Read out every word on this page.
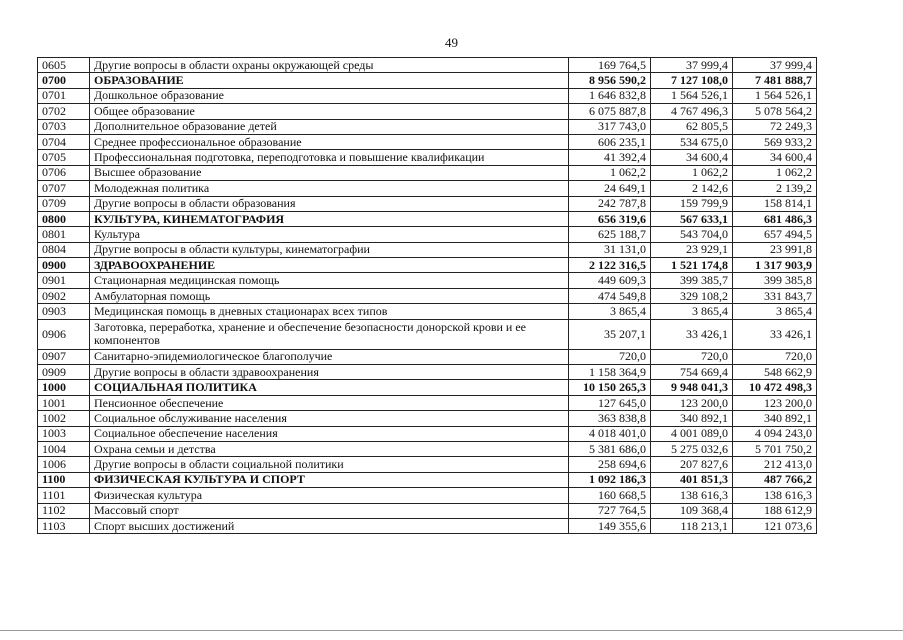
49
0605	Другие вопросы в области охраны окружающей среды	169 764,5	37 999,4	37 999,4
0700	ОБРАЗОВАНИЕ	8 956 590,2	7 127 108,0	7 481 888,7
0701	Дошкольное образование	1 646 832,8	1 564 526,1	1 564 526,1
0702	Общее образование	6 075 887,8	4 767 496,3	5 078 564,2
0703	Дополнительное образование детей	317 743,0	62 805,5	72 249,3
0704	Среднее профессиональное образование	606 235,1	534 675,0	569 933,2
0705	Профессиональная подготовка, переподготовка и повышение квалификации	41 392,4	34 600,4	34 600,4
0706	Высшее образование	1 062,2	1 062,2	1 062,2
0707	Молодежная политика	24 649,1	2 142,6	2 139,2
0709	Другие вопросы в области образования	242 787,8	159 799,9	158 814,1
0800	КУЛЬТУРА, КИНЕМАТОГРАФИЯ	656 319,6	567 633,1	681 486,3
0801	Культура	625 188,7	543 704,0	657 494,5
0804	Другие вопросы в области культуры, кинематографии	31 131,0	23 929,1	23 991,8
0900	ЗДРАВООХРАНЕНИЕ	2 122 316,5	1 521 174,8	1 317 903,9
0901	Стационарная медицинская помощь	449 609,3	399 385,7	399 385,8
0902	Амбулаторная помощь	474 549,8	329 108,2	331 843,7
0903	Медицинская помощь в дневных стационарах всех типов	3 865,4	3 865,4	3 865,4
0906	Заготовка, переработка, хранение и обеспечение безопасности донорской крови и ее компонентов	35 207,1	33 426,1	33 426,1
0907	Санитарно-эпидемиологическое благополучие	720,0	720,0	720,0
0909	Другие вопросы в области здравоохранения	1 158 364,9	754 669,4	548 662,9
1000	СОЦИАЛЬНАЯ ПОЛИТИКА	10 150 265,3	9 948 041,3	10 472 498,3
1001	Пенсионное обеспечение	127 645,0	123 200,0	123 200,0
1002	Социальное обслуживание населения	363 838,8	340 892,1	340 892,1
1003	Социальное обеспечение населения	4 018 401,0	4 001 089,0	4 094 243,0
1004	Охрана семьи и детства	5 381 686,0	5 275 032,6	5 701 750,2
1006	Другие вопросы в области социальной политики	258 694,6	207 827,6	212 413,0
1100	ФИЗИЧЕСКАЯ КУЛЬТУРА И СПОРТ	1 092 186,3	401 851,3	487 766,2
1101	Физическая культура	160 668,5	138 616,3	138 616,3
1102	Массовый спорт	727 764,5	109 368,4	188 612,9
1103	Спорт высших достижений	149 355,6	118 213,1	121 073,6
